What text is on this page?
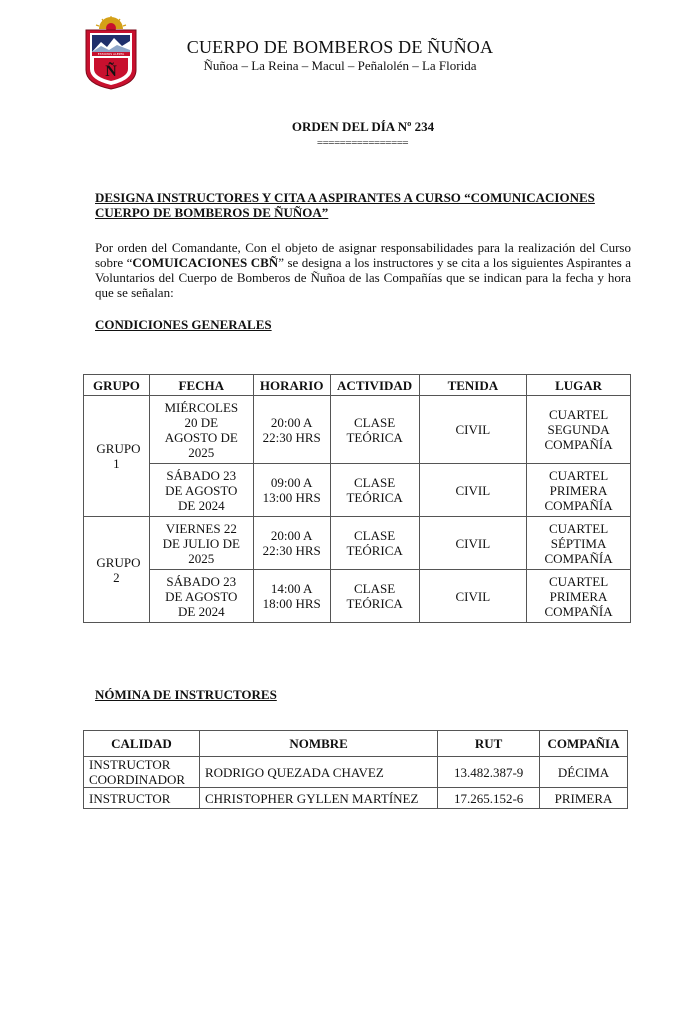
ESTAMOS ALERTA
Ñ
CUERPO DE BOMBEROS DE ÑUÑOA
Ñuñoa – La Reina – Macul – Peñalolén – La Florida
ORDEN DEL DÍA Nº 234
================
DESIGNA INSTRUCTORES Y CITA A ASPIRANTES A CURSO “COMUNICACIONES CUERPO DE BOMBEROS DE ÑUÑOA”

Por orden del Comandante, Con el objeto de asignar responsabilidades para la realización del Curso sobre “COMUICACIONES CBÑ” se designa a los instructores y se cita a los siguientes Aspirantes a Voluntarios del Cuerpo de Bomberos de Ñuñoa de las Compañías que se indican para la fecha y hora que se señalan:

CONDICIONES GENERALES
GRUPO	FECHA	HORARIO	ACTIVIDAD	TENIDA	LUGAR

GRUPO 1	MIÉRCOLES 20 DE AGOSTO DE 2025	20:00 A 22:30 HRS	CLASE TEÓRICA	CIVIL	CUARTEL SEGUNDA COMPAÑÍA

	SÁBADO 23 DE AGOSTO DE 2024	09:00 A 13:00 HRS	CLASE TEÓRICA	CIVIL	CUARTEL PRIMERA COMPAÑÍA

GRUPO 2	VIERNES 22 DE JULIO DE 2025	20:00 A 22:30 HRS	CLASE TEÓRICA	CIVIL	CUARTEL SÉPTIMA COMPAÑÍA

	SÁBADO 23 DE AGOSTO DE 2024	14:00 A 18:00 HRS	CLASE TEÓRICA	CIVIL	CUARTEL PRIMERA COMPAÑÍA
NÓMINA DE INSTRUCTORES
CALIDAD	NOMBRE	RUT	COMPAÑIA

INSTRUCTOR COORDINADOR	RODRIGO QUEZADA CHAVEZ	13.482.387-9	DÉCIMA

INSTRUCTOR	CHRISTOPHER GYLLEN MARTÍNEZ	17.265.152-6	PRIMERA
